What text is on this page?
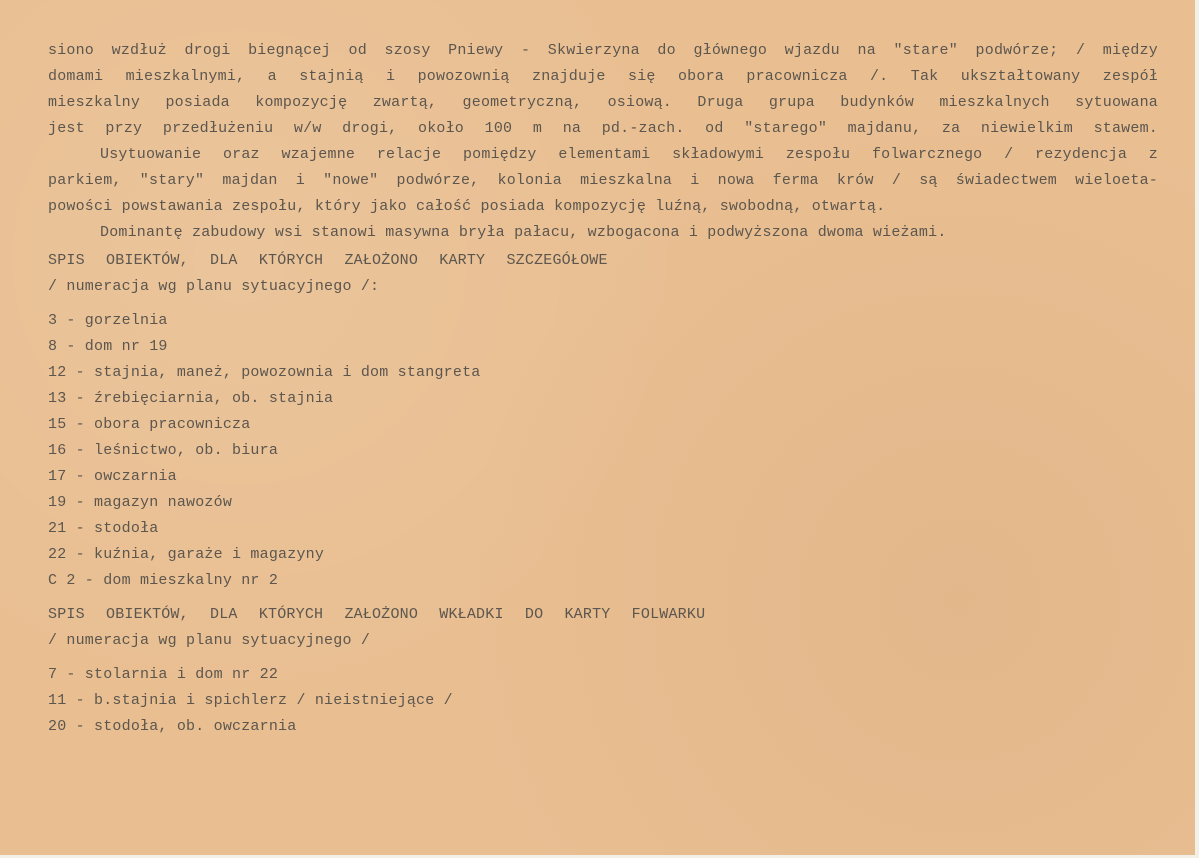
siono wzdłuż drogi biegnącej od szosy Pniewy - Skwierzyna do głównego wjazdu na "stare" podwórze; / między
domami mieszkalnymi, a stajnią i powozownią znajduje się obora pracownicza /. Tak ukształtowany zespół
mieszkalny posiada kompozycję zwartą, geometryczną, osiową. Druga grupa budynków mieszkalnych sytuowana
jest przy przedłużeniu w/w drogi, około 100 m na pd.-zach. od "starego" majdanu, za niewielkim stawem.
Usytuowanie oraz wzajemne relacje pomiędzy elementami składowymi zespołu folwarcznego / rezydencja z
parkiem, "stary" majdan i "nowe" podwórze, kolonia mieszkalna i nowa ferma krów / są świadectwem wieloeta-
powości powstawania zespołu, który jako całość posiada kompozycję luźną, swobodną, otwartą.
Dominantę zabudowy wsi stanowi masywna bryła pałacu, wzbogacona i podwyższona dwoma wieżami.
SPIS OBIEKTÓW, DLA KTÓRYCH ZAŁOŻONO KARTY SZCZEGÓŁOWE
/ numeracja wg planu sytuacyjnego /:
3 - gorzelnia
8 - dom nr 19
12 - stajnia, maneż, powozownia i dom stangreta
13 - źrebięciarnia, ob. stajnia
15 - obora pracownicza
16 - leśnictwo, ob. biura
17 - owczarnia
19 - magazyn nawozów
21 - stodoła
22 - kuźnia, garaże i magazyny
C 2 - dom mieszkalny nr 2
SPIS OBIEKTÓW, DLA KTÓRYCH ZAŁOŻONO WKŁADKI DO KARTY FOLWARKU
/ numeracja wg planu sytuacyjnego /
7 - stolarnia i dom nr 22
11 - b.stajnia i spichlerz / nieistniejące /
20 - stodoła, ob. owczarnia
